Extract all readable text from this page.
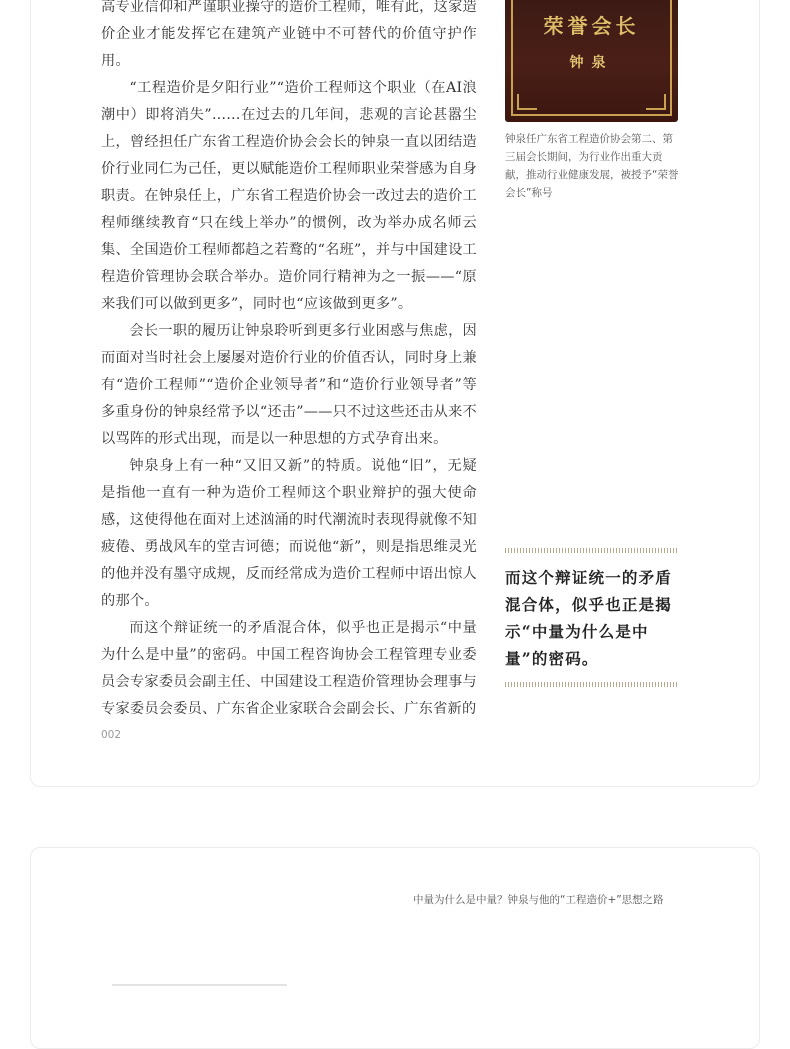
高专业信仰和严谨职业操守的造价工程师，唯有此，这家造价企业才能发挥它在建筑产业链中不可替代的价值守护作用。

“工程造价是夕阳行业”“造价工程师这个职业（在AI浪潮中）即将消失”……在过去的几年间，悲观的言论甚嚣尘上，曾经担任广东省工程造价协会会长的钟泉一直以团结造价行业同仁为己任，更以赋能造价工程师职业荣誉感为自身职责。在钟泉任上，广东省工程造价协会一改过去的造价工程师继续教育“只在线上举办”的惯例，改为举办成名师云集、全国造价工程师都趋之若鹜的“名班”，并与中国建设工程造价管理协会联合举办。造价同行精神为之一振——“原来我们可以做到更多”，同时也“应该做到更多”。

会长一职的履历让钟泉聆听到更多行业困惑与焦虑，因而面对当时社会上屡屡对造价行业的价值否认，同时身上兼有“造价工程师”“造价企业领导者”和“造价行业领导者”等多重身份的钟泉经常予以“还击”——只不过这些还击从来不以骂阵的形式出现，而是以一种思想的方式孕育出来。

钟泉身上有一种“又旧又新”的特质。说他“旧”，无疑是指他一直有一种为造价工程师这个职业辩护的强大使命感，这使得他在面对上述汹涌的时代潮流时表现得就像不知疲倦、勇战风车的堂吉诃德；而说他“新”，则是指思维灵光的他并没有墨守成规，反而经常成为造价工程师中语出惊人的那个。

而这个辩证统一的矛盾混合体，似乎也正是揭示“中量为什么是中量”的密码。中国工程咨询协会工程管理专业委员会专家委员会副主任、中国建设工程造价管理协会理事与专家委员会委员、广东省企业家联合会副会长、广东省新的

荣誉会长
钟泉
钟泉任广东省工程造价协会第二、第三届会长期间，为行业作出重大贡献，推动行业健康发展，被授予“荣誉会长”称号
而这个辩证统一的矛盾混合体，似乎也正是揭示“中量为什么是中量”的密码。
002
中量为什么是中量？钟泉与他的“工程造价+”思想之路
